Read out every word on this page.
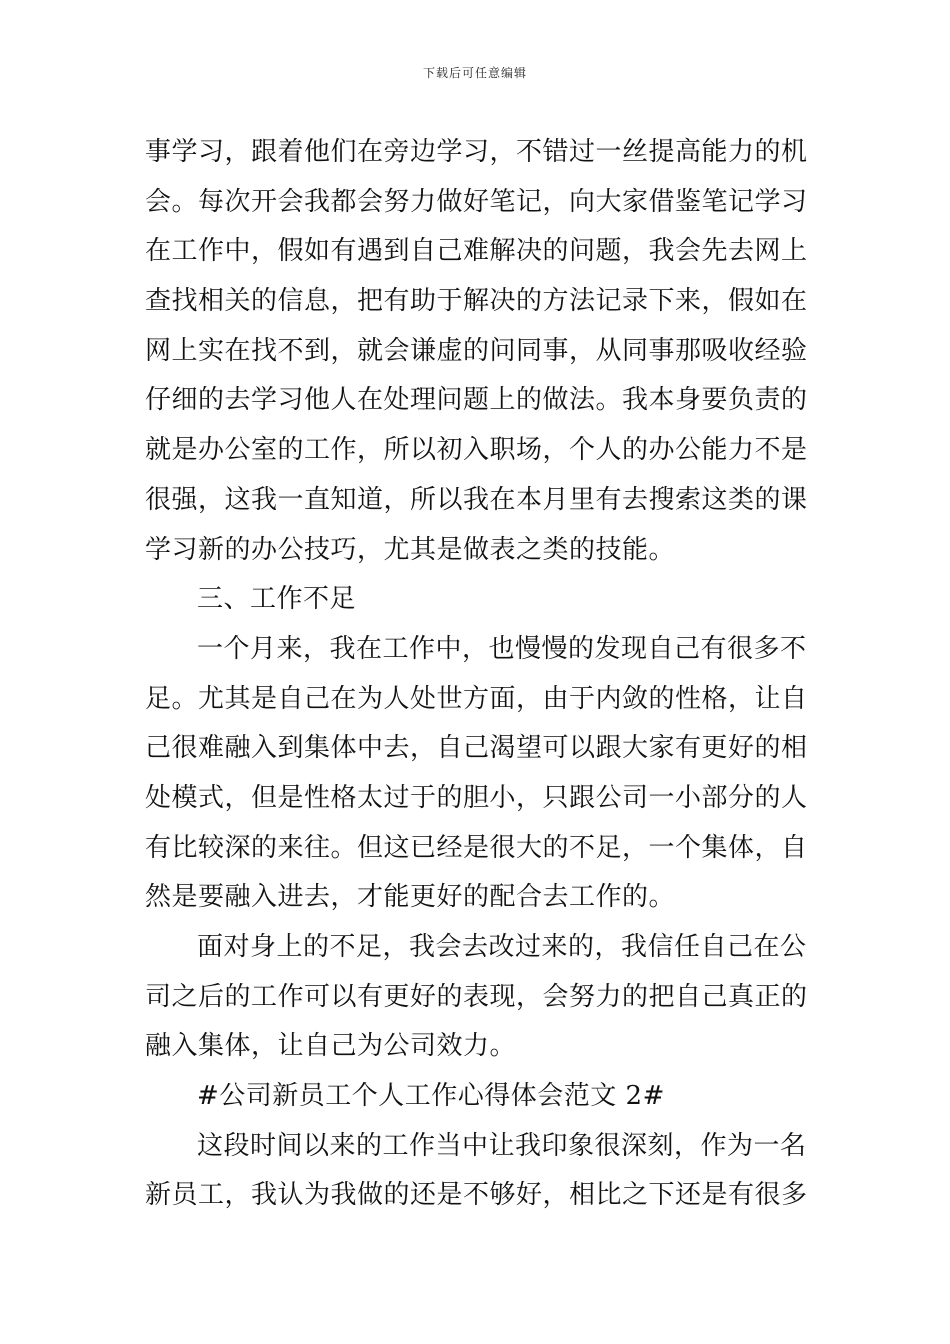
下载后可任意编辑
事学习，跟着他们在旁边学习，不错过一丝提高能力的机
会。每次开会我都会努力做好笔记，向大家借鉴笔记学习
在工作中，假如有遇到自己难解决的问题，我会先去网上
查找相关的信息，把有助于解决的方法记录下来，假如在
网上实在找不到，就会谦虚的问同事，从同事那吸收经验
仔细的去学习他人在处理问题上的做法。我本身要负责的
就是办公室的工作，所以初入职场，个人的办公能力不是
很强，这我一直知道，所以我在本月里有去搜索这类的课
学习新的办公技巧，尤其是做表之类的技能。
三、工作不足
一个月来，我在工作中，也慢慢的发现自己有很多不
足。尤其是自己在为人处世方面，由于内敛的性格，让自
己很难融入到集体中去，自己渴望可以跟大家有更好的相
处模式，但是性格太过于的胆小，只跟公司一小部分的人
有比较深的来往。但这已经是很大的不足，一个集体，自
然是要融入进去，才能更好的配合去工作的。
面对身上的不足，我会去改过来的，我信任自己在公
司之后的工作可以有更好的表现，会努力的把自己真正的
融入集体，让自己为公司效力。
#公司新员工个人工作心得体会范文 2#
这段时间以来的工作当中让我印象很深刻，作为一名
新员工，我认为我做的还是不够好，相比之下还是有很多
